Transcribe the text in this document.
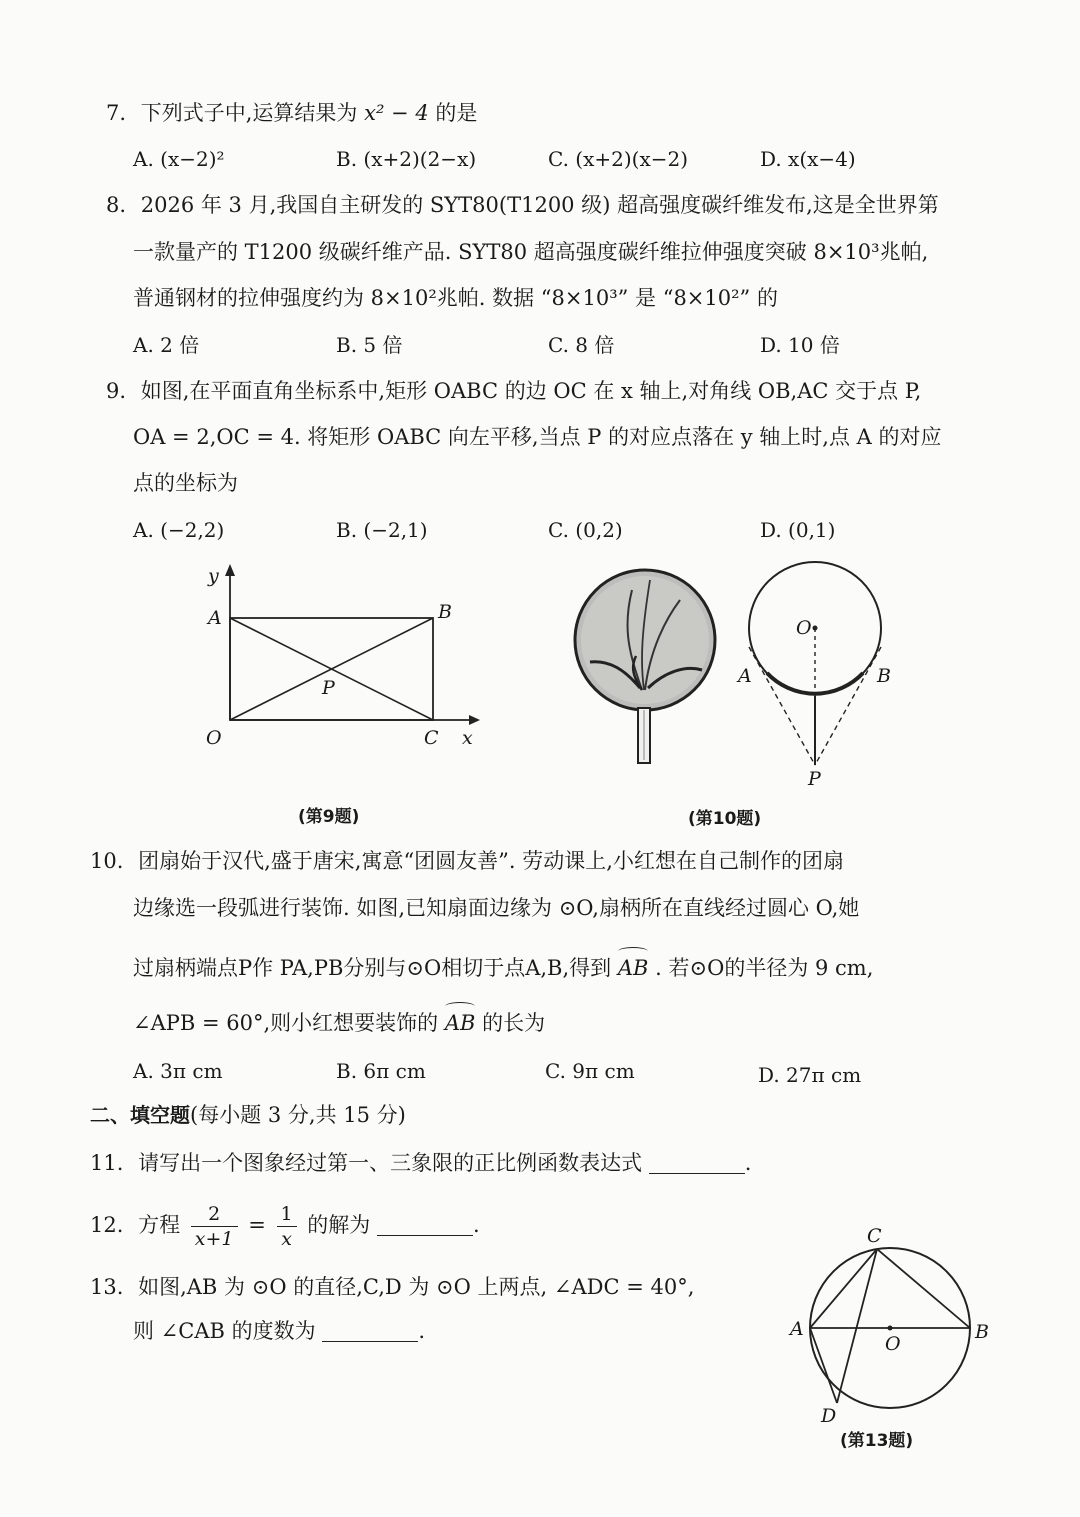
7. 下列式子中,运算结果为 x² − 4 的是
A. (x−2)²	B. (x+2)(2−x)	C. (x+2)(x−2)	D. x(x−4)
8. 2026 年 3 月,我国自主研发的 SYT80(T1200 级) 超高强度碳纤维发布,这是全世界第
一款量产的 T1200 级碳纤维产品. SYT80 超高强度碳纤维拉伸强度突破 8×10³兆帕,
普通钢材的拉伸强度约为 8×10²兆帕. 数据 “8×10³” 是 “8×10²” 的
A. 2 倍	B. 5 倍	C. 8 倍	D. 10 倍
9. 如图,在平面直角坐标系中,矩形 OABC 的边 OC 在 x 轴上,对角线 OB,AC 交于点 P,
OA = 2,OC = 4. 将矩形 OABC 向左平移,当点 P 的对应点落在 y 轴上时,点 A 的对应
点的坐标为
A. (−2,2)	B. (−2,1)	C. (0,2)	D. (0,1)
y
A	B
P
O	C x
(第9题)
O
A	B
P
(第10题)
10. 团扇始于汉代,盛于唐宋,寓意“团圆友善”. 劳动课上,小红想在自己制作的团扇
边缘选一段弧进行装饰. 如图,已知扇面边缘为 ⊙O,扇柄所在直线经过圆心 O,她
过扇柄端点P作 PA,PB分别与⊙O相切于点A,B,得到 AB . 若⊙O的半径为 9 cm,
∠APB = 60°,则小红想要装饰的 AB 的长为
A. 3π cm	B. 6π cm	C. 9π cm	D. 27π cm
二、填空题(每小题 3 分,共 15 分)
11. 请写出一个图象经过第一、三象限的正比例函数表达式	.
12. 方程 $\frac{2}{x+1} = \frac{1}{x}$ 的解为	.
13. 如图,AB 为 ⊙O 的直径,C,D 为 ⊙O 上两点, ∠ADC = 40°,
则 ∠CAB 的度数为	.
C
A
O
B
D
(第13题)
